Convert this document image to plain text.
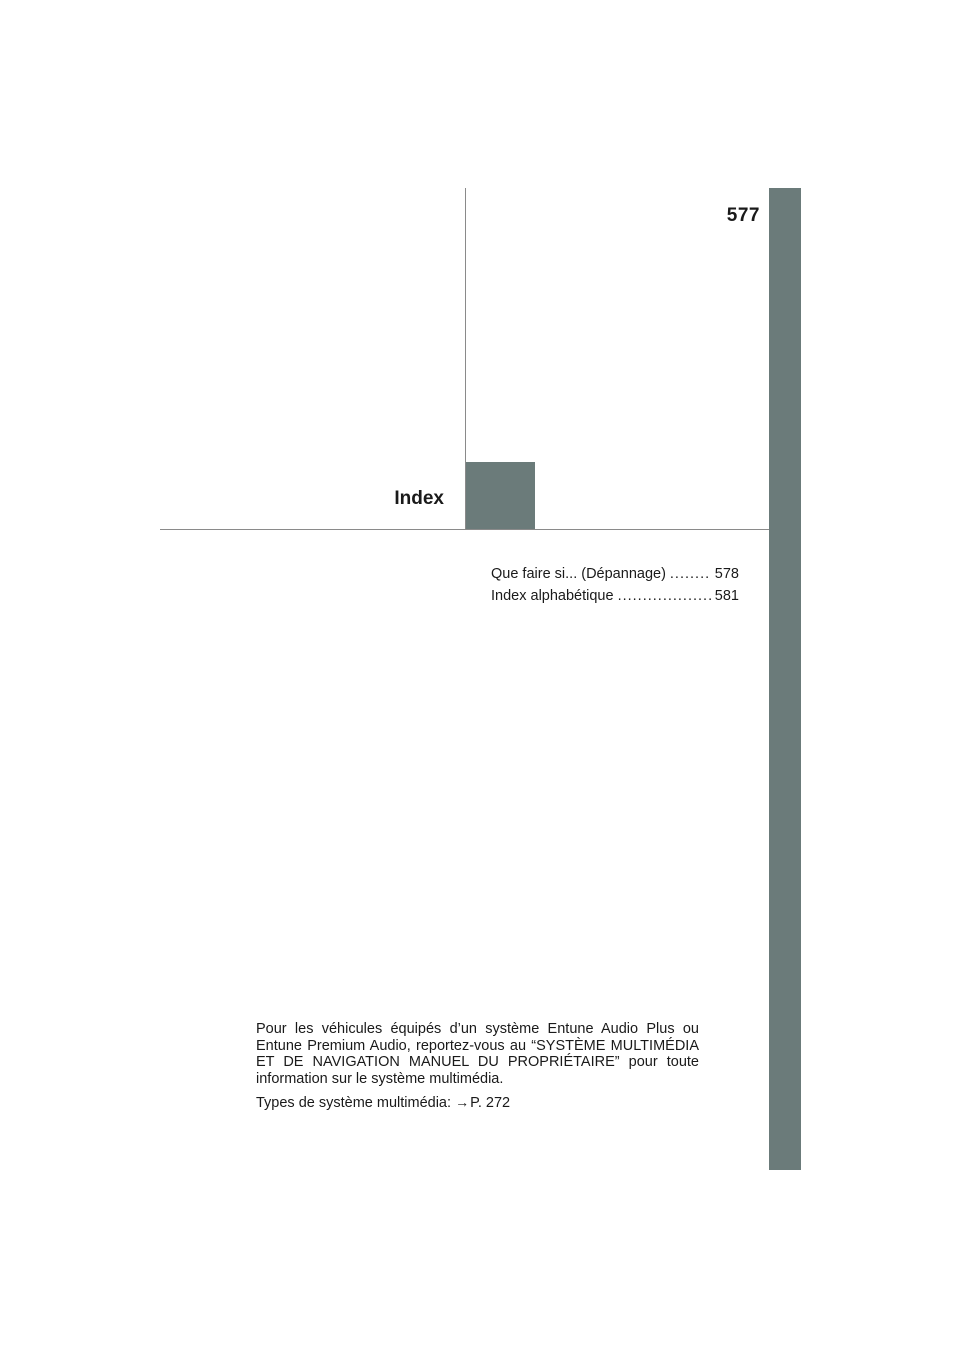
577
Index
Que faire si... (Dépannage) .....	578
Index alphabétique .....	581

Pour les véhicules équipés d’un système Entune Audio Plus ou Entune Premium Audio, reportez-vous au “SYSTÈME MULTIMÉDIA ET DE NAVIGATION MANUEL DU PROPRIÉTAIRE” pour toute information sur le système multimédia.

Types de système multimédia: →P. 272
